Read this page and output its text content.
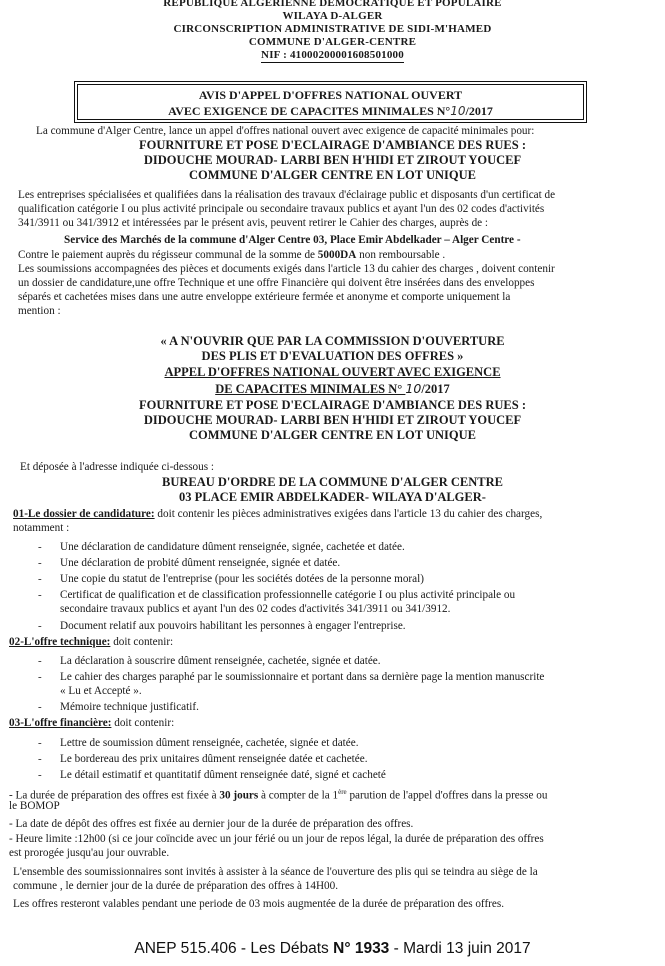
REPUBLIQUE ALGERIENNE DEMOCRATIQUE ET POPULAIRE
WILAYA D-ALGER
CIRCONSCRIPTION ADMINISTRATIVE DE SIDI-M'HAMED
COMMUNE D'ALGER-CENTRE
NIF : 41000200001608501000
AVIS D'APPEL D'OFFRES NATIONAL OUVERT
AVEC EXIGENCE DE CAPACITES MINIMALES N°10/2017
La commune d'Alger Centre, lance un appel d'offres national ouvert avec exigence de capacité minimales pour:
FOURNITURE ET POSE D'ECLAIRAGE D'AMBIANCE DES RUES :
DIDOUCHE MOURAD- LARBI BEN H'HIDI ET ZIROUT YOUCEF
COMMUNE D'ALGER CENTRE EN LOT UNIQUE
Les entreprises spécialisées et qualifiées dans la réalisation des travaux d'éclairage public et disposants d'un certificat de
qualification catégorie I ou plus activité principale ou secondaire travaux publics et ayant l'un des 02 codes d'activités
341/3911 ou 341/3912 et intéressées par le présent avis, peuvent retirer le Cahier des charges, auprès de :
Service des Marchés de la commune d'Alger Centre 03, Place Emir Abdelkader – Alger Centre -
Contre le paiement auprès du régisseur communal de la somme de 5000DA non remboursable .
Les soumissions accompagnées des pièces et documents exigés dans l'article 13 du cahier des charges , doivent contenir
un dossier de candidature,une offre Technique et une offre Financière qui doivent être insérées dans des enveloppes
séparés et cachetées mises dans une autre enveloppe extérieure fermée et anonyme et comporte uniquement la
mention :
« A N'OUVRIR QUE PAR LA COMMISSION D'OUVERTURE
DES PLIS ET D'EVALUATION DES OFFRES »
APPEL D'OFFRES NATIONAL OUVERT AVEC EXIGENCE
DE CAPACITES MINIMALES N° 10/2017
FOURNITURE ET POSE D'ECLAIRAGE D'AMBIANCE DES RUES :
DIDOUCHE MOURAD- LARBI BEN H'HIDI ET ZIROUT YOUCEF
COMMUNE D'ALGER CENTRE EN LOT UNIQUE
Et déposée à l'adresse indiquée ci-dessous :
BUREAU D'ORDRE DE LA COMMUNE D'ALGER CENTRE
03 PLACE EMIR ABDELKADER- WILAYA D'ALGER-
01-Le dossier de candidature: doit contenir les pièces administratives exigées dans l'article 13 du cahier des charges,
notamment :
- Une déclaration de candidature dûment renseignée, signée, cachetée et datée.
- Une déclaration de probité dûment renseignée, signée et datée.
- Une copie du statut de l'entreprise (pour les sociétés dotées de la personne moral)
- Certificat de qualification et de classification professionnelle catégorie I ou plus activité principale ou
secondaire travaux publics et ayant l'un des 02 codes d'activités 341/3911 ou 341/3912.
- Document relatif aux pouvoirs habilitant les personnes à engager l'entreprise.
02-L'offre technique: doit contenir:
- La déclaration à souscrire dûment renseignée, cachetée, signée et datée.
- Le cahier des charges paraphé par le soumissionnaire et portant dans sa dernière page la mention manuscrite
« Lu et Accepté ».
- Mémoire technique justificatif.
03-L'offre financière: doit contenir:
- Lettre de soumission dûment renseignée, cachetée, signée et datée.
- Le bordereau des prix unitaires dûment renseignée datée et cachetée.
- Le détail estimatif et quantitatif dûment renseignée daté, signé et cacheté
- La durée de préparation des offres est fixée à 30 jours à compter de la 1ère parution de l'appel d'offres dans la presse ou
le BOMOP
- La date de dépôt des offres est fixée au dernier jour de la durée de préparation des offres.
- Heure limite :12h00 (si ce jour coïncide avec un jour férié ou un jour de repos légal, la durée de préparation des offres
est prorogée jusqu'au jour ouvrable.
L'ensemble des soumissionnaires sont invités à assister à la séance de l'ouverture des plis qui se teindra au siège de la
commune , le dernier jour de la durée de préparation des offres à 14H00.
Les offres resteront valables pendant une periode de 03 mois augmentée de la durée de préparation des offres.
ANEP 515.406 - Les Débats N° 1933 - Mardi 13 juin 2017
